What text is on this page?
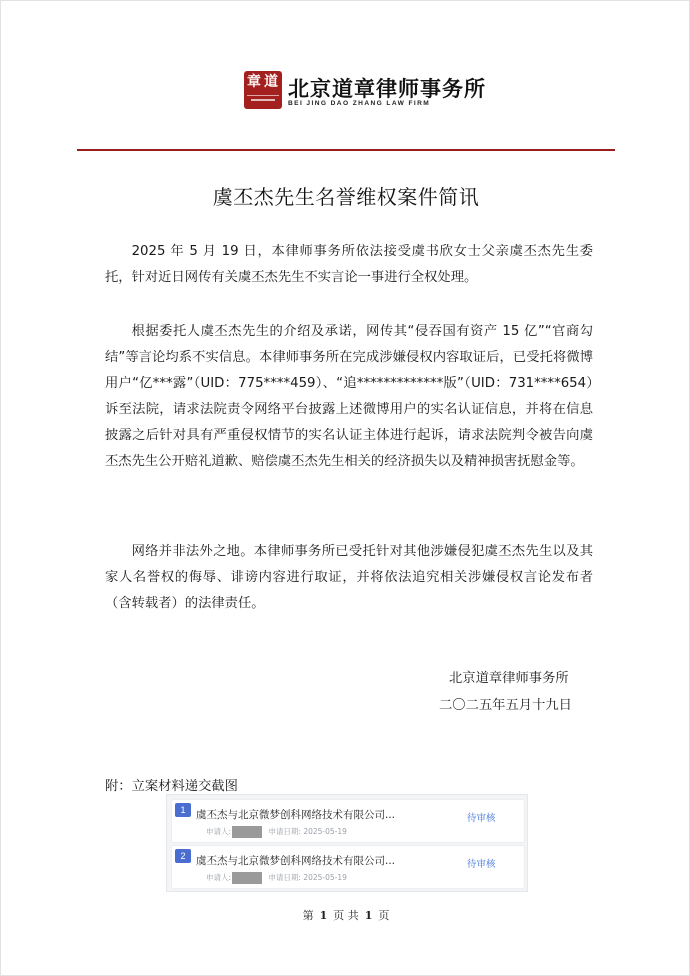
章 道 北京道章律师事务所
BEI JING DAO ZHANG LAW FIRM
虞丕杰先生名誉维权案件简讯

2025 年 5 月 19 日，本律师事务所依法接受虞书欣女士父亲虞丕杰先生委托，针对近日网传有关虞丕杰先生不实言论一事进行全权处理。

根据委托人虞丕杰先生的介绍及承诺，网传其“侵吞国有资产 15 亿”“官商勾结”等言论均系不实信息。本律师事务所在完成涉嫌侵权内容取证后，已受托将微博用户“亿***露”（UID：775****459）、“追*************版”（UID：731****654）诉至法院，请求法院责令网络平台披露上述微博用户的实名认证信息，并将在信息披露之后针对具有严重侵权情节的实名认证主体进行起诉，请求法院判令被告向虞丕杰先生公开赔礼道歉、赔偿虞丕杰先生相关的经济损失以及精神损害抚慰金等。

网络并非法外之地。本律师事务所已受托针对其他涉嫌侵犯虞丕杰先生以及其家人名誉权的侮辱、诽谤内容进行取证，并将依法追究相关涉嫌侵权言论发布者（含转载者）的法律责任。

北京道章律师事务所
二〇二五年五月十九日
附：立案材料递交截图
1	虞丕杰与北京微梦创科网络技术有限公司...
申请人:	申请日期: 2025-05-19
待审核
2	虞丕杰与北京微梦创科网络技术有限公司...
申请人:	申请日期: 2025-05-19
待审核
第 1 页 共 1 页
